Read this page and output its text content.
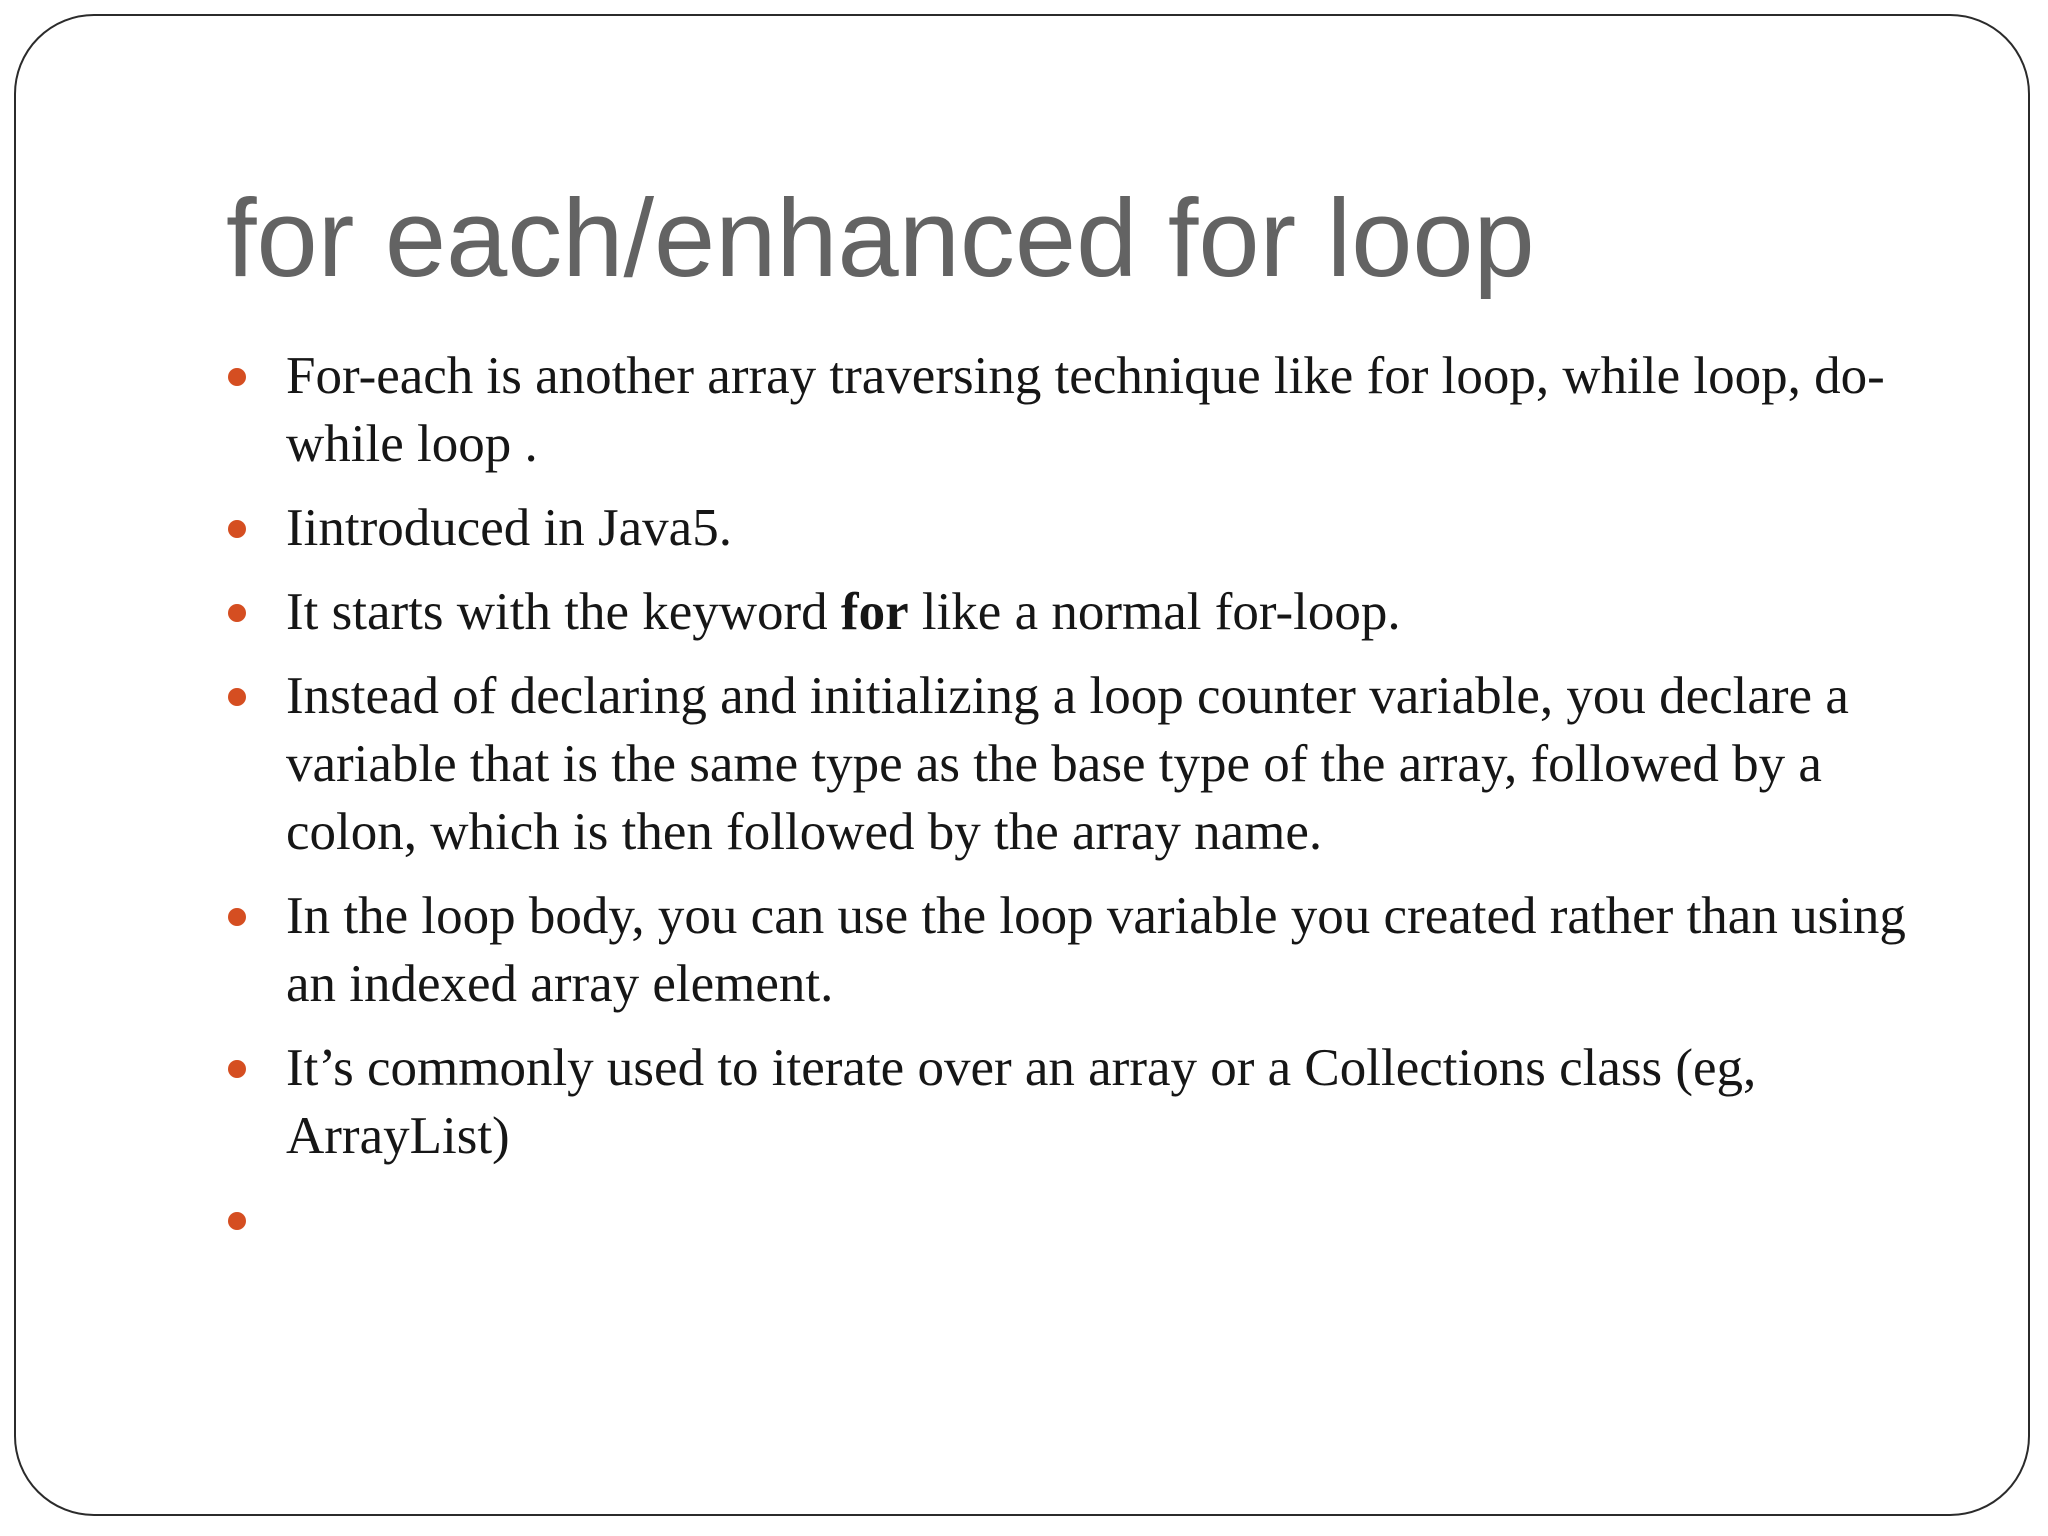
for each/enhanced for loop
For-each is another array traversing technique like for loop, while loop, do-while loop .
Iintroduced in Java5.
It starts with the keyword for like a normal for-loop.
Instead of declaring and initializing a loop counter variable, you declare a variable that is the same type as the base type of the array, followed by a colon, which is then followed by the array name.
In the loop body, you can use the loop variable you created rather than using an indexed array element.
It’s commonly used to iterate over an array or a Collections class (eg, ArrayList)
